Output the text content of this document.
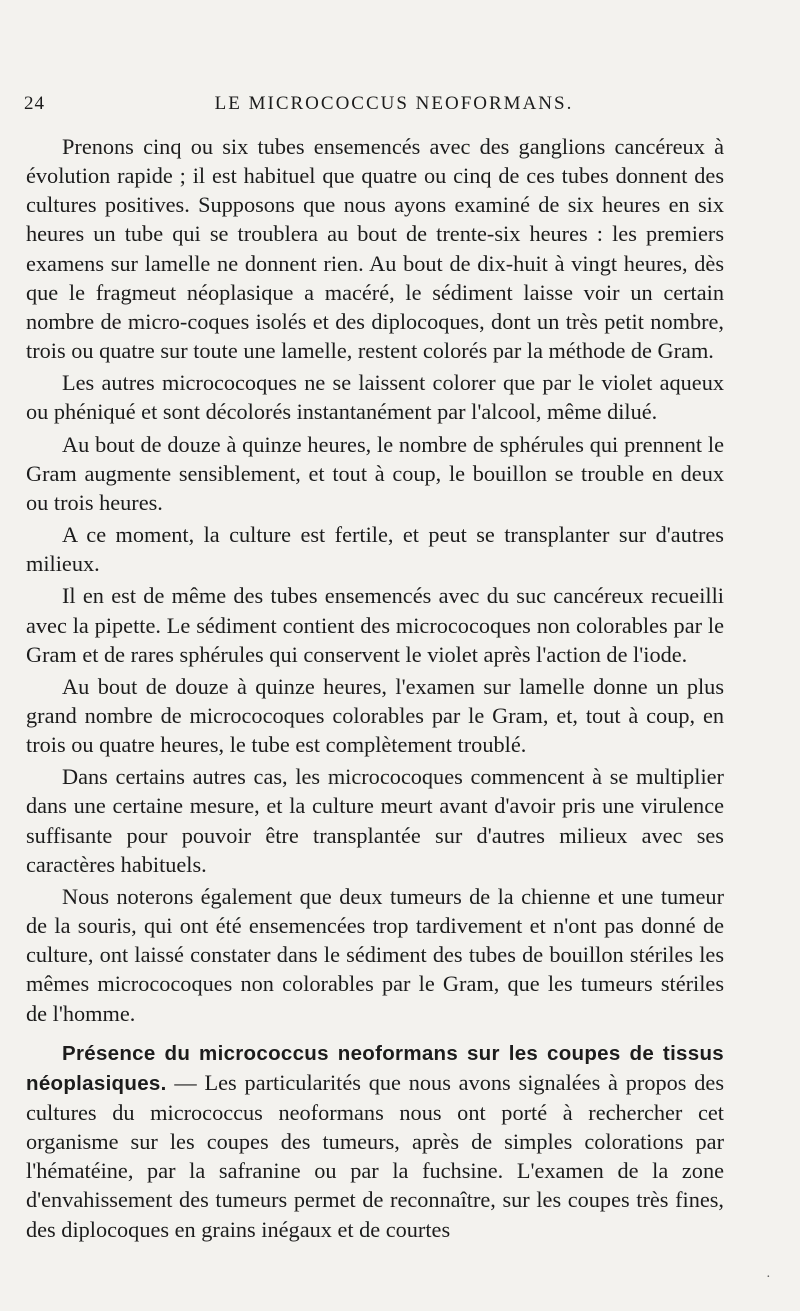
24	LE MICROCOCCUS NEOFORMANS.

Prenons cinq ou six tubes ensemencés avec des ganglions cancéreux à évolution rapide ; il est habituel que quatre ou cinq de ces tubes donnent des cultures positives. Supposons que nous ayons examiné de six heures en six heures un tube qui se troublera au bout de trente-six heures : les premiers examens sur lamelle ne donnent rien. Au bout de dix-huit à vingt heures, dès que le fragmeut néoplasique a macéré, le sédiment laisse voir un certain nombre de micro-coques isolés et des diplocoques, dont un très petit nombre, trois ou quatre sur toute une lamelle, restent colorés par la méthode de Gram.

Les autres micrococoques ne se laissent colorer que par le violet aqueux ou phéniqué et sont décolorés instantanément par l'alcool, même dilué.

Au bout de douze à quinze heures, le nombre de sphérules qui prennent le Gram augmente sensiblement, et tout à coup, le bouillon se trouble en deux ou trois heures.

A ce moment, la culture est fertile, et peut se transplanter sur d'autres milieux.

Il en est de même des tubes ensemencés avec du suc cancéreux recueilli avec la pipette. Le sédiment contient des micrococoques non colorables par le Gram et de rares sphérules qui conservent le violet après l'action de l'iode.

Au bout de douze à quinze heures, l'examen sur lamelle donne un plus grand nombre de micrococoques colorables par le Gram, et, tout à coup, en trois ou quatre heures, le tube est complètement troublé.

Dans certains autres cas, les micrococoques commencent à se multiplier dans une certaine mesure, et la culture meurt avant d'avoir pris une virulence suffisante pour pouvoir être transplantée sur d'autres milieux avec ses caractères habituels.

Nous noterons également que deux tumeurs de la chienne et une tumeur de la souris, qui ont été ensemencées trop tardivement et n'ont pas donné de culture, ont laissé constater dans le sédiment des tubes de bouillon stériles les mêmes micrococoques non colorables par le Gram, que les tumeurs stériles de l'homme.

Présence du micrococcus neoformans sur les coupes de tissus néoplasiques. — Les particularités que nous avons signalées à propos des cultures du micrococcus neoformans nous ont porté à rechercher cet organisme sur les coupes des tumeurs, après de simples colorations par l'hématéine, par la safranine ou par la fuchsine. L'examen de la zone d'envahissement des tumeurs permet de reconnaître, sur les coupes très fines, des diplocoques en grains inégaux et de courtes

·
